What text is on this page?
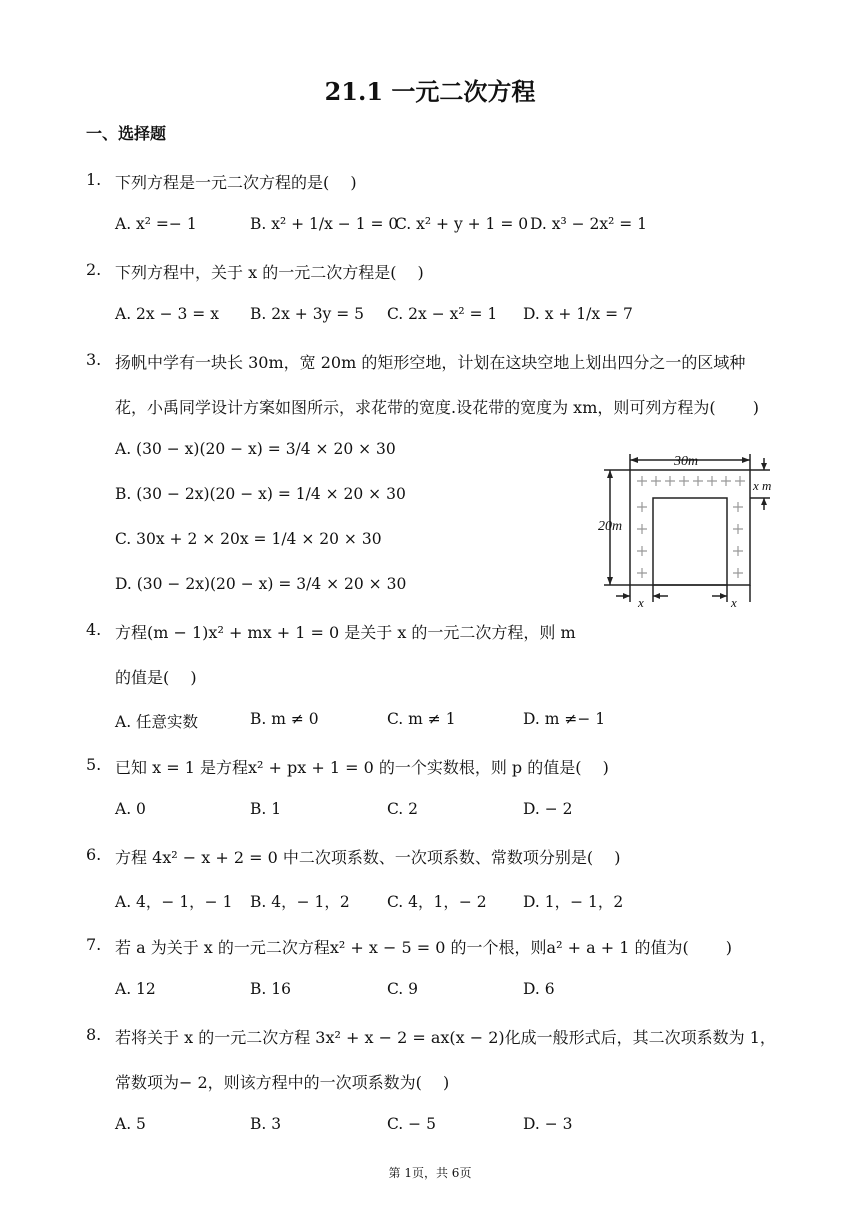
21.1 一元二次方程
一、选择题
1. 下列方程是一元二次方程的是(　 )
A. x² =− 1	B. x² + 1/x − 1 = 0
C. x² + y + 1 = 0 D. x³ − 2x² = 1
2. 下列方程中，关于 x 的一元二次方程是(　 )
A. 2x − 3 = x B. 2x + 3y = 5 C. 2x − x² = 1 D. x + 1/x = 7
3. 扬帆中学有一块长 30m，宽 20m 的矩形空地，计划在这块空地上划出四分之一的区域种
花，小禹同学设计方案如图所示，求花带的宽度.设花带的宽度为 xm，则可列方程为(　 　)
A. (30 − x)(20 − x) = 3/4 × 20 × 30
B. (30 − 2x)(20 − x) = 1/4 × 20 × 30
C. 30x + 2 × 20x = 1/4 × 20 × 30
D. (30 − 2x)(20 − x) = 3/4 × 20 × 30
30m
20m
x m
x	x
4. 方程(m − 1)x² + mx + 1 = 0 是关于 x 的一元二次方程，则 m
的值是(　 )
A. 任意实数	B. m ≠ 0	C. m ≠ 1	D. m ≠− 1
5. 已知 x = 1 是方程x² + px + 1 = 0 的一个实数根，则 p 的值是(　 )
A. 0	B. 1	C. 2	D. − 2
6. 方程 4x² − x + 2 = 0 中二次项系数、一次项系数、常数项分别是(　 )
A. 4，− 1，− 1 B. 4，− 1，2 C. 4，1，− 2 D. 1，− 1，2
7. 若 a 为关于 x 的一元二次方程x² + x − 5 = 0 的一个根，则a² + a + 1 的值为(　 　)
A. 12	B. 16	C. 9	D. 6
8. 若将关于 x 的一元二次方程 3x² + x − 2 = ax(x − 2)化成一般形式后，其二次项系数为 1，
常数项为− 2，则该方程中的一次项系数为(　 )
A. 5	B. 3	C. − 5	D. − 3
第 1页，共 6页
